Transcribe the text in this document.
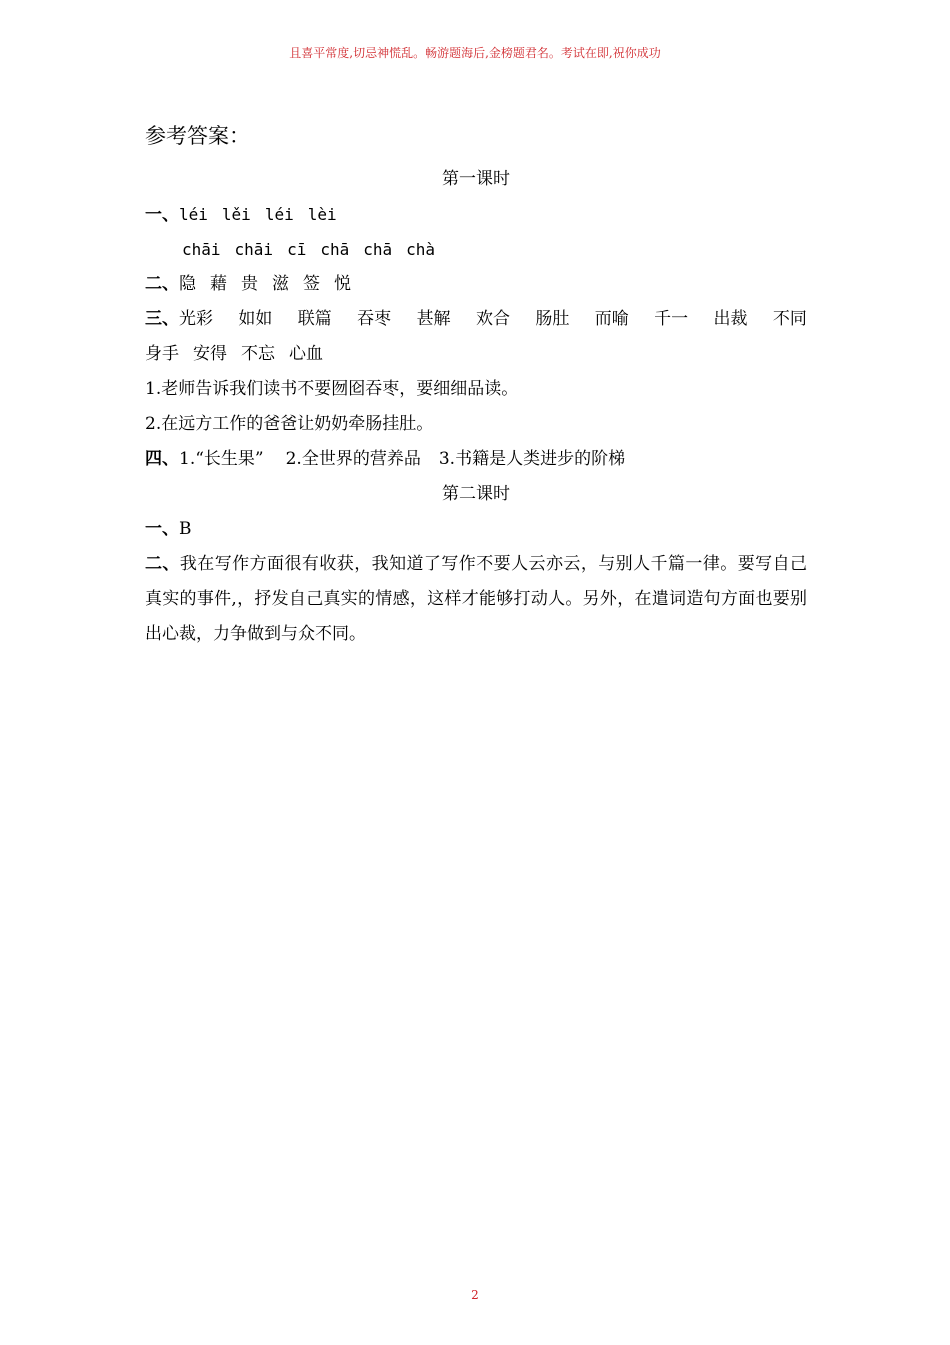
且喜平常度,切忌神慌乱。畅游题海后,金榜题君名。考试在即,祝你成功
参考答案：
第一课时
一、léi lěi léi lèi
chāi chāi cī chā chā chà
二、隐 藉 贵 滋 签 悦
三、光彩 如如 联篇 吞枣 甚解 欢合 肠肚 而喻 千一 出裁 不同
身手 安得 不忘 心血
1.老师告诉我们读书不要囫囵吞枣，要细细品读。
2.在远方工作的爸爸让奶奶牵肠挂肚。
四、1.“长生果” 2.全世界的营养品 3.书籍是人类进步的阶梯
第二课时
一、B
二、我在写作方面很有收获，我知道了写作不要人云亦云，与别人千篇一律。要写自己真实的事件,，抒发自己真实的情感，这样才能够打动人。另外，在遣词造句方面也要别出心裁，力争做到与众不同。
2
